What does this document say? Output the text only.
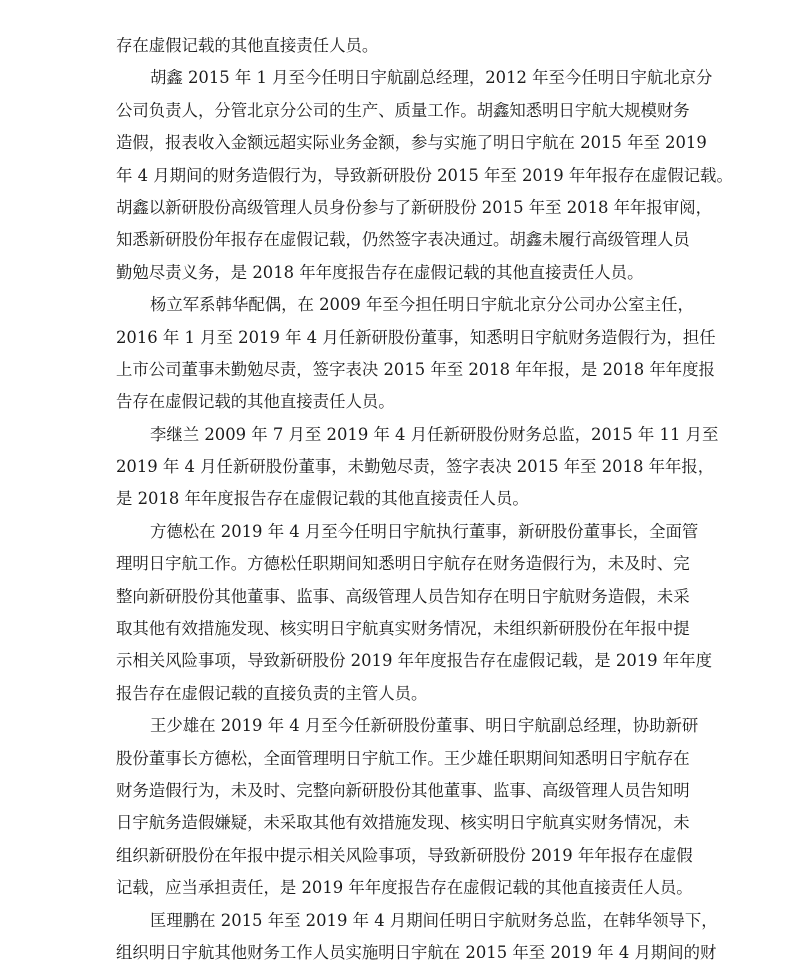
存在虚假记载的其他直接责任人员。
胡鑫 2015 年 1 月至今任明日宇航副总经理，2012 年至今任明日宇航北京分
公司负责人，分管北京分公司的生产、质量工作。胡鑫知悉明日宇航大规模财务
造假，报表收入金额远超实际业务金额，参与实施了明日宇航在 2015 年至 2019
年 4 月期间的财务造假行为，导致新研股份 2015 年至 2019 年年报存在虚假记载。
胡鑫以新研股份高级管理人员身份参与了新研股份 2015 年至 2018 年年报审阅，
知悉新研股份年报存在虚假记载，仍然签字表决通过。胡鑫未履行高级管理人员
勤勉尽责义务，是 2018 年年度报告存在虚假记载的其他直接责任人员。
杨立军系韩华配偶，在 2009 年至今担任明日宇航北京分公司办公室主任，
2016 年 1 月至 2019 年 4 月任新研股份董事，知悉明日宇航财务造假行为，担任
上市公司董事未勤勉尽责，签字表决 2015 年至 2018 年年报，是 2018 年年度报
告存在虚假记载的其他直接责任人员。
李继兰 2009 年 7 月至 2019 年 4 月任新研股份财务总监，2015 年 11 月至
2019 年 4 月任新研股份董事，未勤勉尽责，签字表决 2015 年至 2018 年年报，
是 2018 年年度报告存在虚假记载的其他直接责任人员。
方德松在 2019 年 4 月至今任明日宇航执行董事，新研股份董事长，全面管
理明日宇航工作。方德松任职期间知悉明日宇航存在财务造假行为，未及时、完
整向新研股份其他董事、监事、高级管理人员告知存在明日宇航财务造假，未采
取其他有效措施发现、核实明日宇航真实财务情况，未组织新研股份在年报中提
示相关风险事项，导致新研股份 2019 年年度报告存在虚假记载，是 2019 年年度
报告存在虚假记载的直接负责的主管人员。
王少雄在 2019 年 4 月至今任新研股份董事、明日宇航副总经理，协助新研
股份董事长方德松，全面管理明日宇航工作。王少雄任职期间知悉明日宇航存在
财务造假行为，未及时、完整向新研股份其他董事、监事、高级管理人员告知明
日宇航务造假嫌疑，未采取其他有效措施发现、核实明日宇航真实财务情况，未
组织新研股份在年报中提示相关风险事项，导致新研股份 2019 年年报存在虚假
记载，应当承担责任，是 2019 年年度报告存在虚假记载的其他直接责任人员。
匡理鹏在 2015 年至 2019 年 4 月期间任明日宇航财务总监，在韩华领导下，
组织明日宇航其他财务工作人员实施明日宇航在 2015 年至 2019 年 4 月期间的财
